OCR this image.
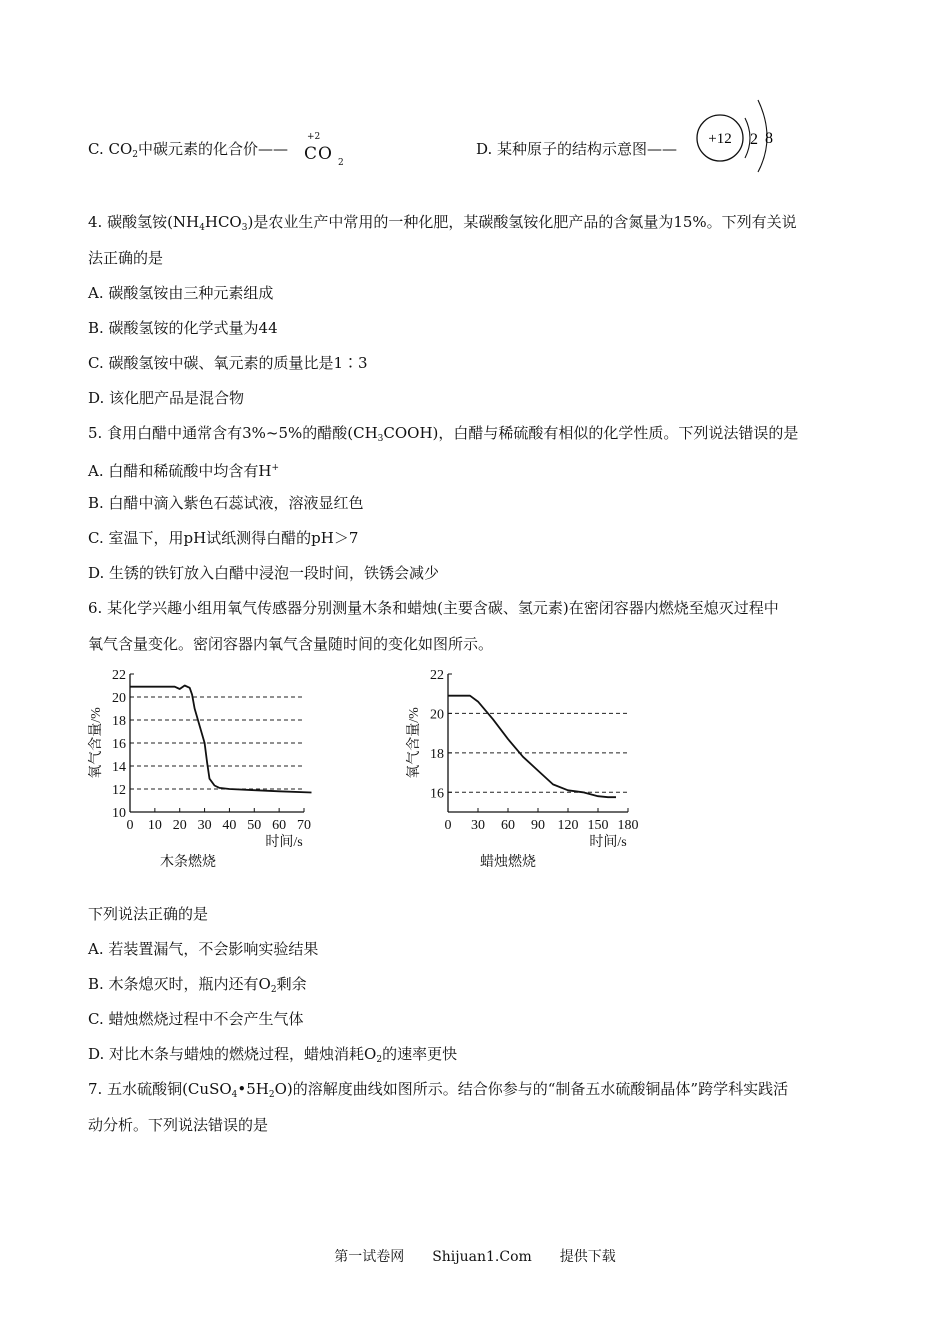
C. $CO_2$中碳元素的化合价——
+2
CO 2
D. 某种原子的结构示意图——
+12 2 8
4. 碳酸氢铵$(NH_4HCO_3)$是农业生产中常用的一种化肥，某碳酸氢铵化肥产品的含氮量为15%。下列有关说
法正确的是
A. 碳酸氢铵由三种元素组成
B. 碳酸氢铵的化学式量为44
C. 碳酸氢铵中碳、氧元素的质量比是1∶3
D. 该化肥产品是混合物
5. 食用白醋中通常含有3%~5%的醋酸$(CH_3COOH)$，白醋与稀硫酸有相似的化学性质。下列说法错误的是
A. 白醋和稀硫酸中均含有H+
B. 白醋中滴入紫色石蕊试液，溶液显红色
C. 室温下，用pH试纸测得白醋的pH＞7
D. 生锈的铁钉放入白醋中浸泡一段时间，铁锈会减少
6. 某化学兴趣小组用氧气传感器分别测量木条和蜡烛(主要含碳、氢元素)在密闭容器内燃烧至熄灭过程中
氧气含量变化。密闭容器内氧气含量随时间的变化如图所示。
10
12
14
16
18
20
22
0 10 20 30 40 50 60 70
时间/s
氧气含量/%
木条燃烧
16
18
20
22
0 30 60 90 120 150 180
时间/s
氧气含量/%
蜡烛燃烧
下列说法正确的是
A. 若装置漏气，不会影响实验结果
B. 木条熄灭时，瓶内还有$O_2$剩余
C. 蜡烛燃烧过程中不会产生气体
D. 对比木条与蜡烛的燃烧过程，蜡烛消耗$O_2$的速率更快
7. 五水硫酸铜$(CuSO_4•5H_2O)$的溶解度曲线如图所示。结合你参与的“制备五水硫酸铜晶体”跨学科实践活
动分析。下列说法错误的是
第一试卷网 Shijuan1.Com 提供下载
